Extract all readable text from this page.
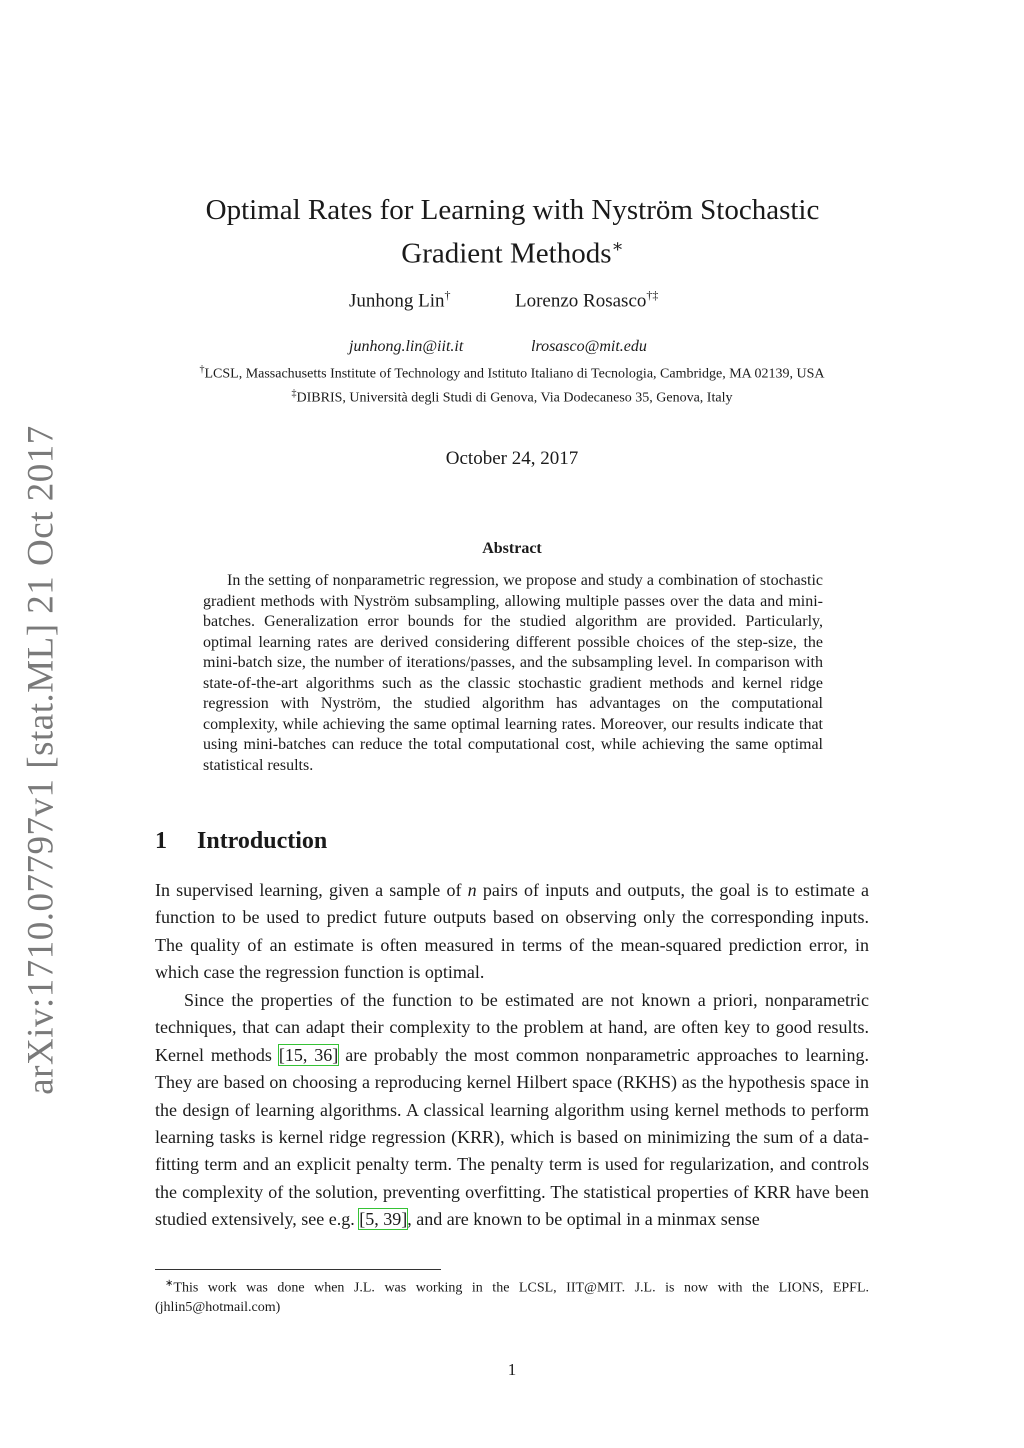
arXiv:1710.07797v1 [stat.ML] 21 Oct 2017
Optimal Rates for Learning with Nyström Stochastic
Gradient Methods∗
Junhong Lin†	Lorenzo Rosasco†‡
junhong.lin@iit.it	lrosasco@mit.edu
†LCSL, Massachusetts Institute of Technology and Istituto Italiano di Tecnologia, Cambridge, MA 02139, USA
‡DIBRIS, Università degli Studi di Genova, Via Dodecaneso 35, Genova, Italy
October 24, 2017
Abstract

In the setting of nonparametric regression, we propose and study a combination of stochastic gradient methods with Nyström subsampling, allowing multiple passes over the data and mini-batches. Generalization error bounds for the studied algorithm are provided. Particularly, optimal learning rates are derived considering different possible choices of the step-size, the mini-batch size, the number of iterations/passes, and the subsampling level. In comparison with state-of-the-art algorithms such as the classic stochastic gradient methods and kernel ridge regression with Nyström, the studied algorithm has advantages on the computational complexity, while achieving the same optimal learning rates. Moreover, our results indicate that using mini-batches can reduce the total computational cost, while achieving the same optimal statistical results.

1 Introduction

In supervised learning, given a sample of n pairs of inputs and outputs, the goal is to estimate a function to be used to predict future outputs based on observing only the corresponding inputs. The quality of an estimate is often measured in terms of the mean-squared prediction error, in which case the regression function is optimal.

Since the properties of the function to be estimated are not known a priori, nonparametric techniques, that can adapt their complexity to the problem at hand, are often key to good results. Kernel methods [15, 36] are probably the most common nonparametric approaches to learning. They are based on choosing a reproducing kernel Hilbert space (RKHS) as the hypothesis space in the design of learning algorithms. A classical learning algorithm using kernel methods to perform learning tasks is kernel ridge regression (KRR), which is based on minimizing the sum of a data-fitting term and an explicit penalty term. The penalty term is used for regularization, and controls the complexity of the solution, preventing overfitting. The statistical properties of KRR have been studied extensively, see e.g. [5, 39], and are known to be optimal in a minmax sense

∗This work was done when J.L. was working in the LCSL, IIT@MIT. J.L. is now with the LIONS, EPFL. (jhlin5@hotmail.com)

1
